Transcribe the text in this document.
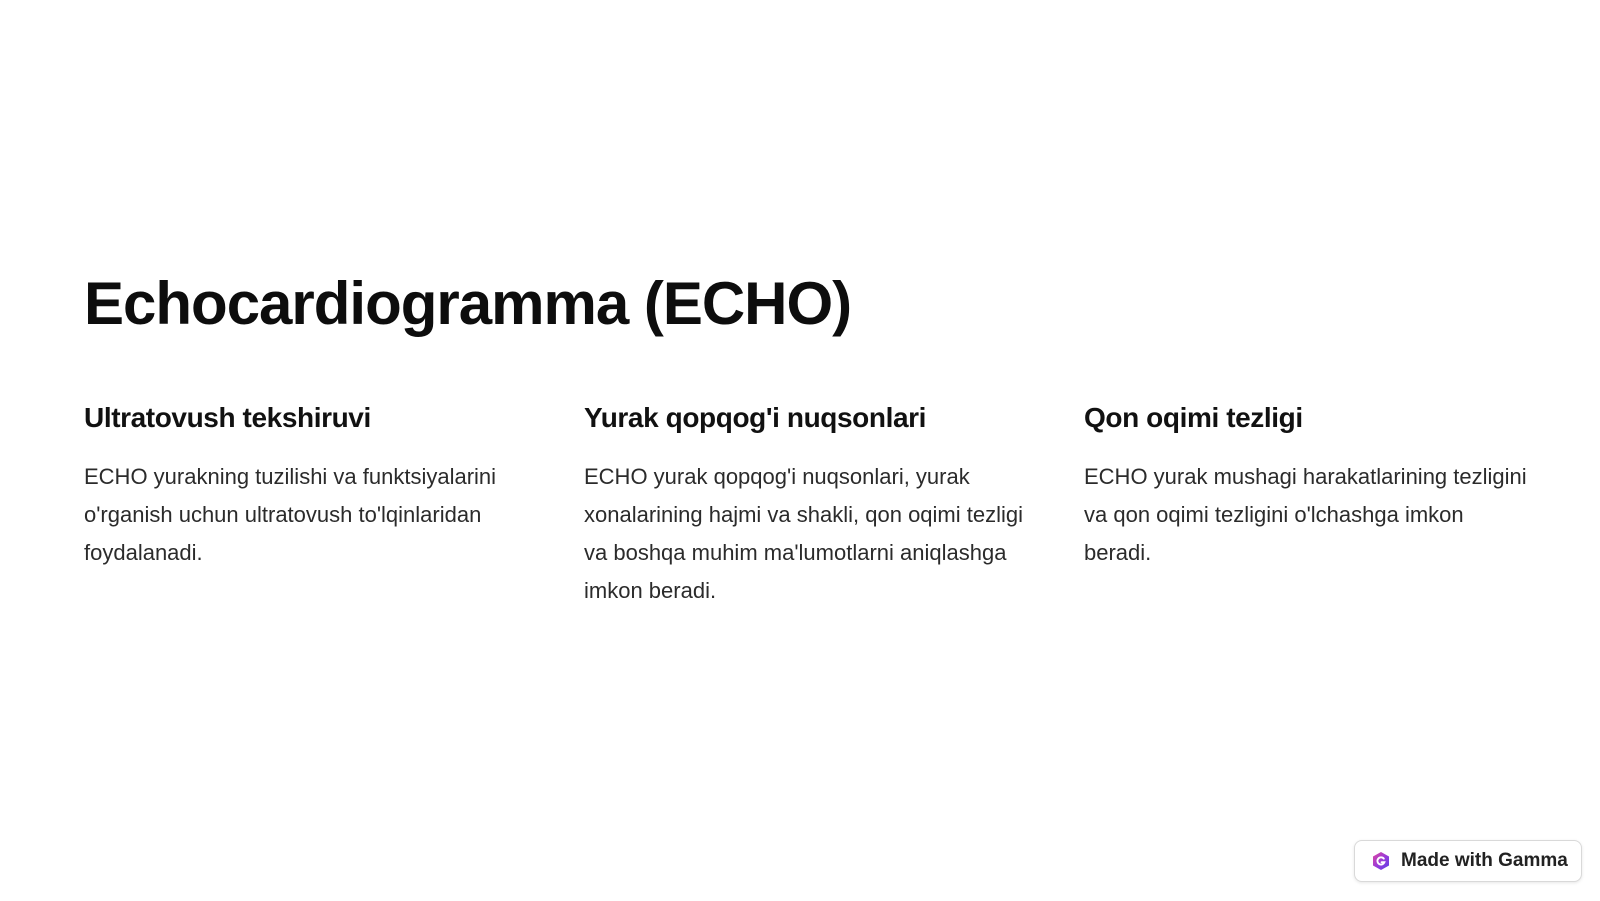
Echocardiogramma (ECHO)
Ultratovush tekshiruvi

ECHO yurakning tuzilishi va funktsiyalarini o'rganish uchun ultratovush to'lqinlaridan foydalanadi.

Yurak qopqog'i nuqsonlari

ECHO yurak qopqog'i nuqsonlari, yurak xonalarining hajmi va shakli, qon oqimi tezligi va boshqa muhim ma'lumotlarni aniqlashga imkon beradi.

Qon oqimi tezligi

ECHO yurak mushagi harakatlarining tezligini va qon oqimi tezligini o'lchashga imkon beradi.

Made with Gamma
